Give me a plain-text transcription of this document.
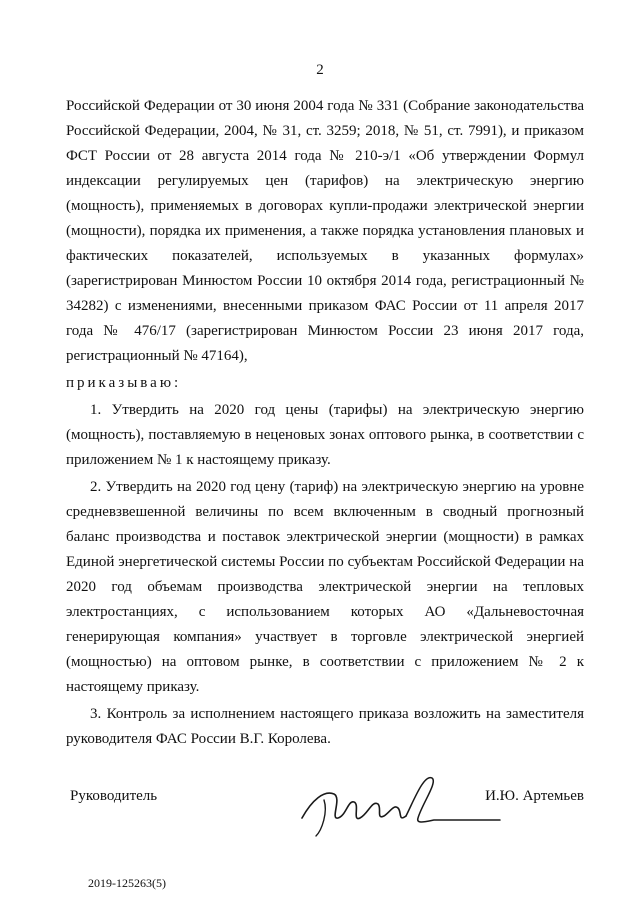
2

Российской Федерации от 30 июня 2004 года № 331 (Собрание законодательства Российской Федерации, 2004, № 31, ст. 3259; 2018, № 51, ст. 7991), и приказом ФСТ России от 28 августа 2014 года № 210-э/1 «Об утверждении Формул индексации регулируемых цен (тарифов) на электрическую энергию (мощность), применяемых в договорах купли-продажи электрической энергии (мощности), порядка их применения, а также порядка установления плановых и фактических показателей, используемых в указанных формулах» (зарегистрирован Минюстом России 10 октября 2014 года, регистрационный № 34282) с изменениями, внесенными приказом ФАС России от 11 апреля 2017 года № 476/17 (зарегистрирован Минюстом России 23 июня 2017 года, регистрационный № 47164),

приказываю:

1. Утвердить на 2020 год цены (тарифы) на электрическую энергию (мощность), поставляемую в неценовых зонах оптового рынка, в соответствии с приложением № 1 к настоящему приказу.

2. Утвердить на 2020 год цену (тариф) на электрическую энергию на уровне средневзвешенной величины по всем включенным в сводный прогнозный баланс производства и поставок электрической энергии (мощности) в рамках Единой энергетической системы России по субъектам Российской Федерации на 2020 год объемам производства электрической энергии на тепловых электростанциях, с использованием которых АО «Дальневосточная генерирующая компания» участвует в торговле электрической энергией (мощностью) на оптовом рынке, в соответствии с приложением № 2 к настоящему приказу.

3. Контроль за исполнением настоящего приказа возложить на заместителя руководителя ФАС России В.Г. Королева.

Руководитель	И.Ю. Артемьев
2019-125263(5)
